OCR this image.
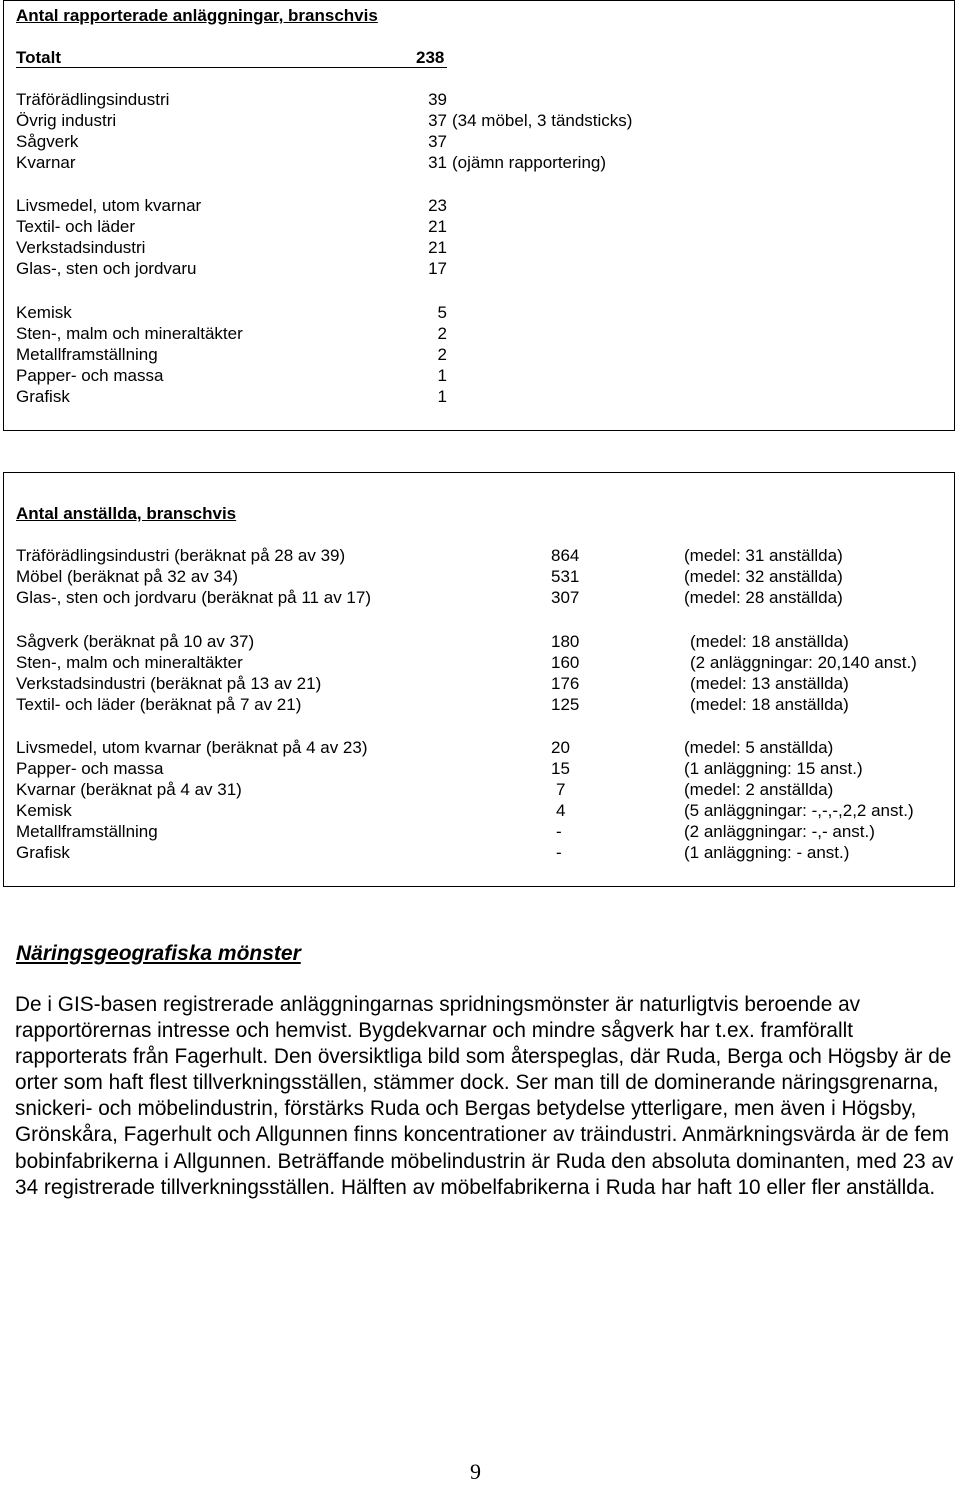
Antal rapporterade anläggningar, branschvis
Totalt	238
Träförädlingsindustri	39
Övrig industri	37 (34 möbel, 3 tändsticks)
Sågverk	37
Kvarnar	31 (ojämn rapportering)
Livsmedel, utom kvarnar	23
Textil- och läder	21
Verkstadsindustri	21
Glas-, sten och jordvaru	17
Kemisk	5
Sten-, malm och mineraltäkter	2
Metallframställning	2
Papper- och massa	1
Grafisk	1
Antal anställda, branschvis
Träförädlingsindustri (beräknat på 28 av 39)	864	(medel: 31 anställda)
Möbel (beräknat på 32 av 34)	531	(medel: 32 anställda)
Glas-, sten och jordvaru (beräknat på 11 av 17)	307	(medel: 28 anställda)
Sågverk (beräknat på 10 av 37)	180	(medel: 18 anställda)
Sten-, malm och mineraltäkter	160	(2 anläggningar: 20,140 anst.)
Verkstadsindustri (beräknat på 13 av 21)	176	(medel: 13 anställda)
Textil- och läder (beräknat på 7 av 21)	125	(medel: 18 anställda)
Livsmedel, utom kvarnar (beräknat på 4 av 23)	20	(medel: 5 anställda)
Papper- och massa	15	(1 anläggning: 15 anst.)
Kvarnar (beräknat på 4 av 31)	7	(medel: 2 anställda)
Kemisk	4	(5 anläggningar: -,-,-,2,2 anst.)
Metallframställning	-	(2 anläggningar: -,- anst.)
Grafisk	-	(1 anläggning: - anst.)
Näringsgeografiska mönster

De i GIS-basen registrerade anläggningarnas spridningsmönster är naturligtvis beroende av rapportörernas intresse och hemvist. Bygdekvarnar och mindre sågverk har t.ex. framförallt rapporterats från Fagerhult. Den översiktliga bild som återspeglas, där Ruda, Berga och Högsby är de orter som haft flest tillverkningsställen, stämmer dock. Ser man till de dominerande näringsgrenarna, snickeri- och möbelindustrin, förstärks Ruda och Bergas betydelse ytterligare, men även i Högsby, Grönskåra, Fagerhult och Allgunnen finns koncentrationer av träindustri. Anmärkningsvärda är de fem bobinfabrikerna i Allgunnen. Beträffande möbelindustrin är Ruda den absoluta dominanten, med 23 av 34 registrerade tillverkningsställen. Hälften av möbelfabrikerna i Ruda har haft 10 eller fler anställda.

9
